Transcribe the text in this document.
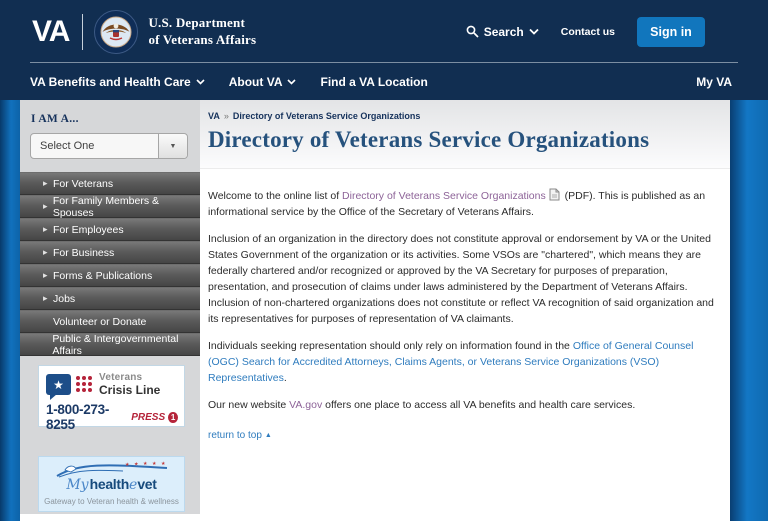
VA	U.S. Department
of Veterans Affairs	Search	Contact us	Sign in
VA Benefits and Health Care	About VA	Find a VA Location	My VA
I AM A...
Select One	▼
▸ For Veterans
▸ For Family Members & Spouses
▸ For Employees
▸ For Business
▸ Forms & Publications
▸ Jobs
Volunteer or Donate
Public & Intergovernmental Affairs
★
Veterans
Crisis Line
1-800-273-8255	PRESS 1
★ ★ ★ ★ ★
Myhealthevet
Gateway to Veteran health & wellness
VA » Directory of Veterans Service Organizations
Directory of Veterans Service Organizations

Welcome to the online list of Directory of Veterans Service Organizations (PDF). This is published as an informational service by the Office of the Secretary of Veterans Affairs.

Inclusion of an organization in the directory does not constitute approval or endorsement by VA or the United States Government of the organization or its activities. Some VSOs are "chartered", which means they are federally chartered and/or recognized or approved by the VA Secretary for purposes of preparation, presentation, and prosecution of claims under laws administered by the Department of Veterans Affairs. Inclusion of non-chartered organizations does not constitute or reflect VA recognition of said organization and its representatives for purposes of representation of VA claimants.

Individuals seeking representation should only rely on information found in the Office of General Counsel (OGC) Search for Accredited Attorneys, Claims Agents, or Veterans Service Organizations (VSO) Representatives.

Our new website VA.gov offers one place to access all VA benefits and health care services.

return to top ▲
